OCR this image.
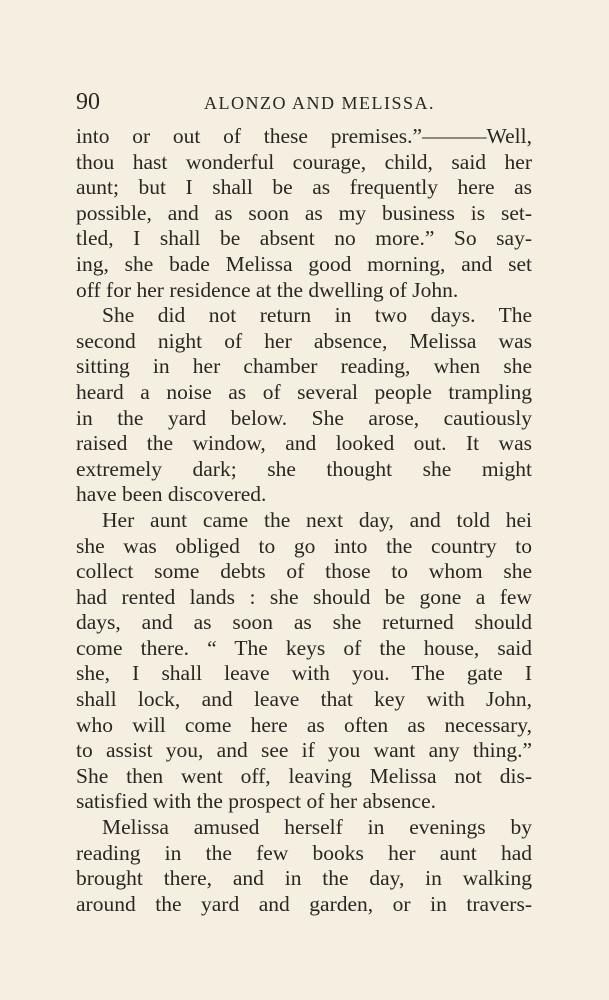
90	ALONZO AND MELISSA.
into or out of these premises.”———Well,
thou hast wonderful courage, child, said her
aunt; but I shall be as frequently here as
possible, and as soon as my business is set-
tled, I shall be absent no more.” So say-
ing, she bade Melissa good morning, and set
off for her residence at the dwelling of John.
She did not return in two days. The
second night of her absence, Melissa was
sitting in her chamber reading, when she
heard a noise as of several people trampling
in the yard below. She arose, cautiously
raised the window, and looked out. It was
extremely dark; she thought she might
have been discovered.
Her aunt came the next day, and told hei
she was obliged to go into the country to
collect some debts of those to whom she
had rented lands : she should be gone a few
days, and as soon as she returned should
come there. “ The keys of the house, said
she, I shall leave with you. The gate I
shall lock, and leave that key with John,
who will come here as often as necessary,
to assist you, and see if you want any thing.”
She then went off, leaving Melissa not dis-
satisfied with the prospect of her absence.
Melissa amused herself in evenings by
reading in the few books her aunt had
brought there, and in the day, in walking
around the yard and garden, or in travers-
